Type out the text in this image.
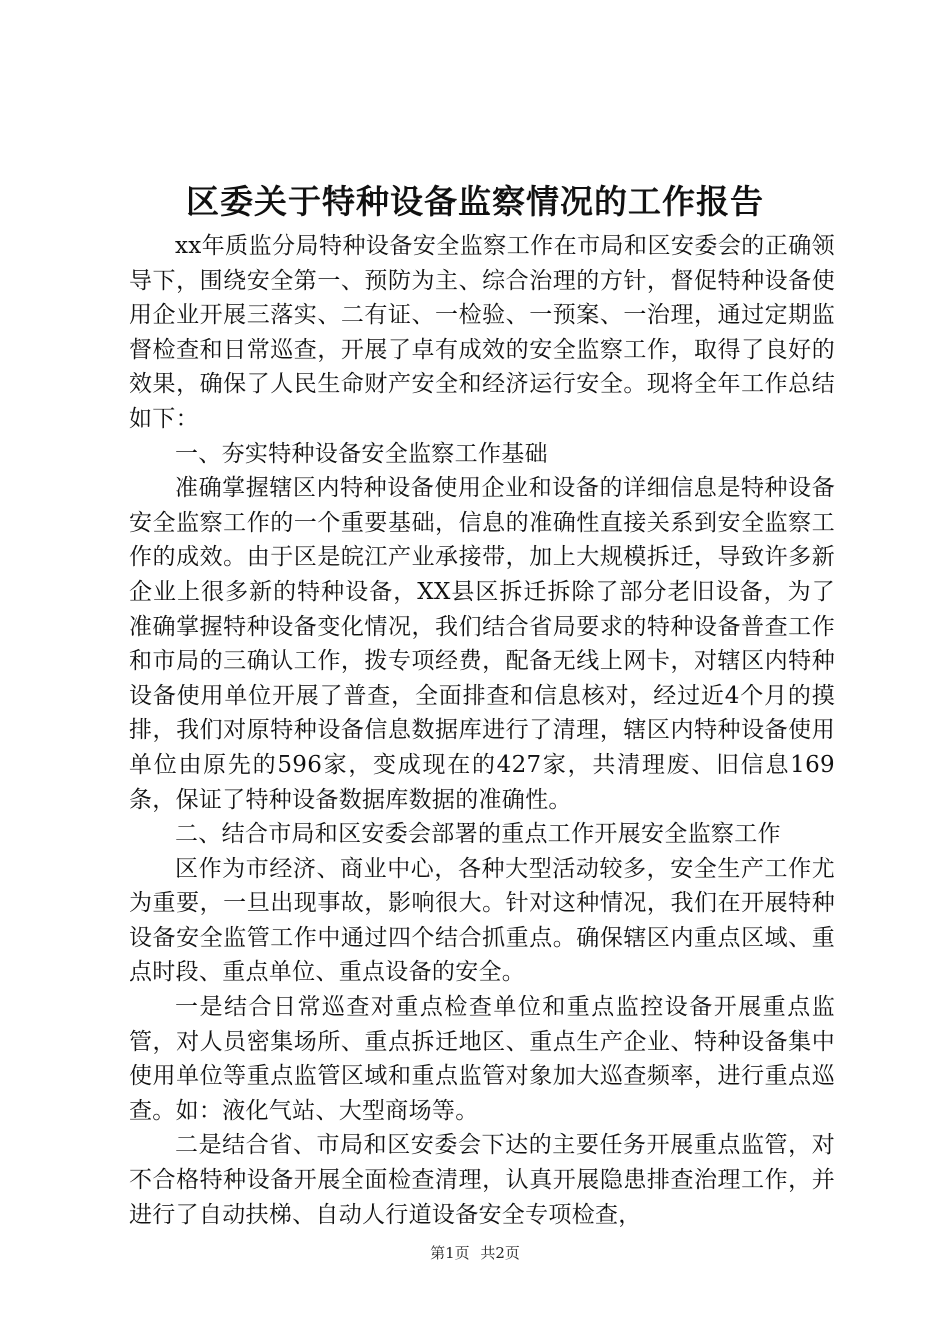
区委关于特种设备监察情况的工作报告

xx年质监分局特种设备安全监察工作在市局和区安委会的正确领导下，围绕安全第一、预防为主、综合治理的方针，督促特种设备使用企业开展三落实、二有证、一检验、一预案、一治理，通过定期监督检查和日常巡查，开展了卓有成效的安全监察工作，取得了良好的效果，确保了人民生命财产安全和经济运行安全。现将全年工作总结如下：

一、夯实特种设备安全监察工作基础

准确掌握辖区内特种设备使用企业和设备的详细信息是特种设备安全监察工作的一个重要基础，信息的准确性直接关系到安全监察工作的成效。由于区是皖江产业承接带，加上大规模拆迁，导致许多新企业上很多新的特种设备，XX县区拆迁拆除了部分老旧设备，为了准确掌握特种设备变化情况，我们结合省局要求的特种设备普查工作和市局的三确认工作，拨专项经费，配备无线上网卡，对辖区内特种设备使用单位开展了普查，全面排查和信息核对，经过近4个月的摸排，我们对原特种设备信息数据库进行了清理，辖区内特种设备使用单位由原先的596家，变成现在的427家，共清理废、旧信息169条，保证了特种设备数据库数据的准确性。

二、结合市局和区安委会部署的重点工作开展安全监察工作

区作为市经济、商业中心，各种大型活动较多，安全生产工作尤为重要，一旦出现事故，影响很大。针对这种情况，我们在开展特种设备安全监管工作中通过四个结合抓重点。确保辖区内重点区域、重点时段、重点单位、重点设备的安全。

一是结合日常巡查对重点检查单位和重点监控设备开展重点监管，对人员密集场所、重点拆迁地区、重点生产企业、特种设备集中使用单位等重点监管区域和重点监管对象加大巡查频率，进行重点巡查。如：液化气站、大型商场等。

二是结合省、市局和区安委会下达的主要任务开展重点监管，对不合格特种设备开展全面检查清理，认真开展隐患排查治理工作，并进行了自动扶梯、自动人行道设备安全专项检查，

第1页 共2页
